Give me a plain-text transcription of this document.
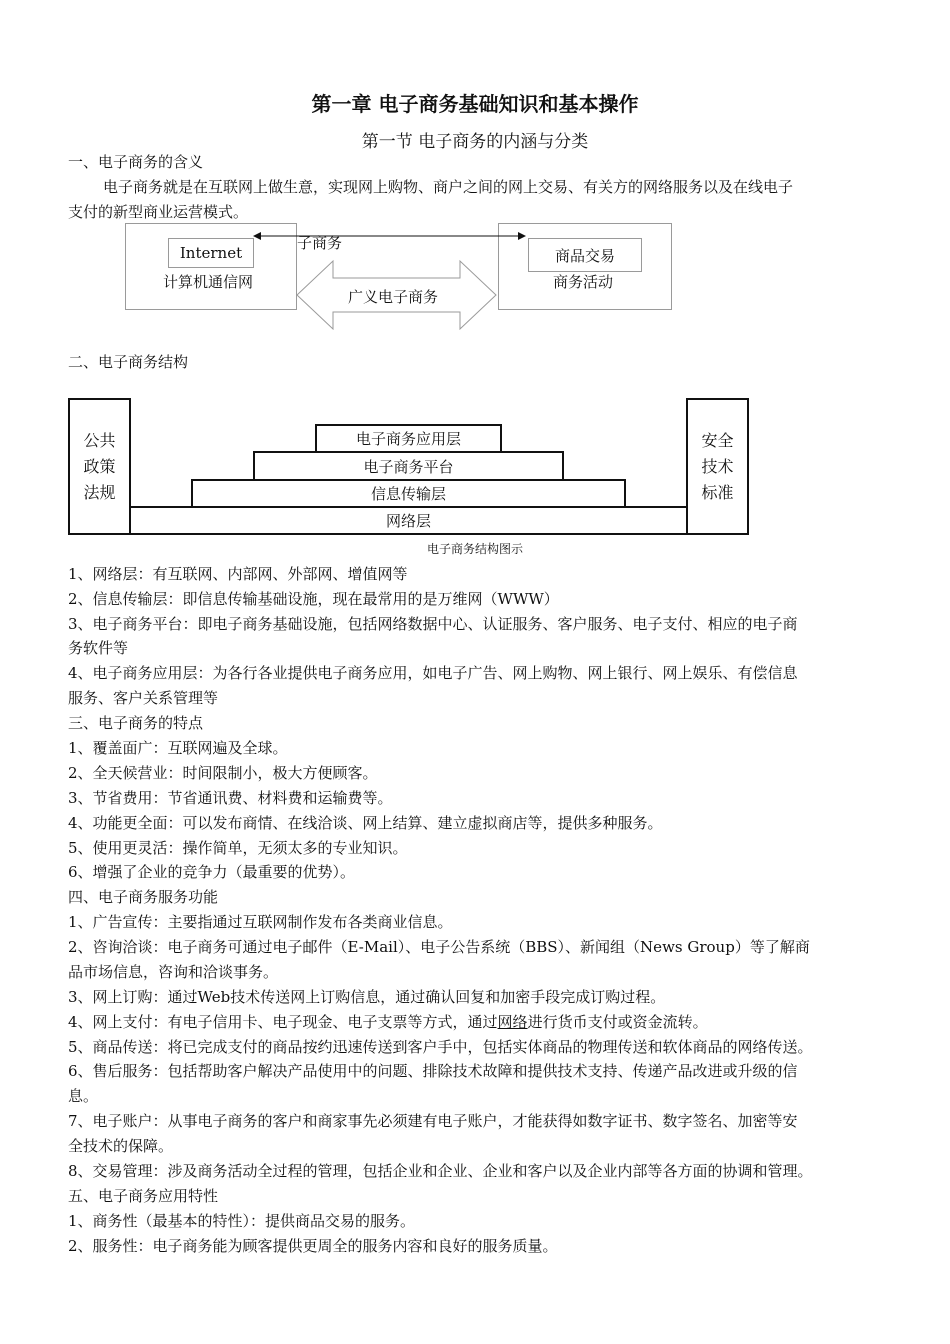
第一章 电子商务基础知识和基本操作
第一节 电子商务的内涵与分类
一、电子商务的含义
电子商务就是在互联网上做生意，实现网上购物、商户之间的网上交易、有关方的网络服务以及在线电子
支付的新型商业运营模式。
Internet
计算机通信网
商品交易
商务活动
子商务
广义电子商务
二、电子商务结构
公共
政策
法规
安全
技术
标准
电子商务应用层
电子商务平台
信息传输层
网络层
电子商务结构图示
1、网络层：有互联网、内部网、外部网、增值网等
2、信息传输层：即信息传输基础设施，现在最常用的是万维网（WWW）
3、电子商务平台：即电子商务基础设施，包括网络数据中心、认证服务、客户服务、电子支付、相应的电子商
务软件等
4、电子商务应用层：为各行各业提供电子商务应用，如电子广告、网上购物、网上银行、网上娱乐、有偿信息
服务、客户关系管理等
三、电子商务的特点
1、覆盖面广：互联网遍及全球。
2、全天候营业：时间限制小，极大方便顾客。
3、节省费用：节省通讯费、材料费和运输费等。
4、功能更全面：可以发布商情、在线洽谈、网上结算、建立虚拟商店等，提供多种服务。
5、使用更灵活：操作简单，无须太多的专业知识。
6、增强了企业的竞争力（最重要的优势）。
四、电子商务服务功能
1、广告宣传：主要指通过互联网制作发布各类商业信息。
2、咨询洽谈：电子商务可通过电子邮件（E-Mail）、电子公告系统（BBS）、新闻组（News Group）等了解商
品市场信息，咨询和洽谈事务。
3、网上订购：通过Web技术传送网上订购信息，通过确认回复和加密手段完成订购过程。
4、网上支付：有电子信用卡、电子现金、电子支票等方式，通过网络进行货币支付或资金流转。
5、商品传送：将已完成支付的商品按约迅速传送到客户手中，包括实体商品的物理传送和软体商品的网络传送。
6、售后服务：包括帮助客户解决产品使用中的问题、排除技术故障和提供技术支持、传递产品改进或升级的信
息。
7、电子账户：从事电子商务的客户和商家事先必须建有电子账户，才能获得如数字证书、数字签名、加密等安
全技术的保障。
8、交易管理：涉及商务活动全过程的管理，包括企业和企业、企业和客户以及企业内部等各方面的协调和管理。
五、电子商务应用特性
1、商务性（最基本的特性）：提供商品交易的服务。
2、服务性：电子商务能为顾客提供更周全的服务内容和良好的服务质量。
